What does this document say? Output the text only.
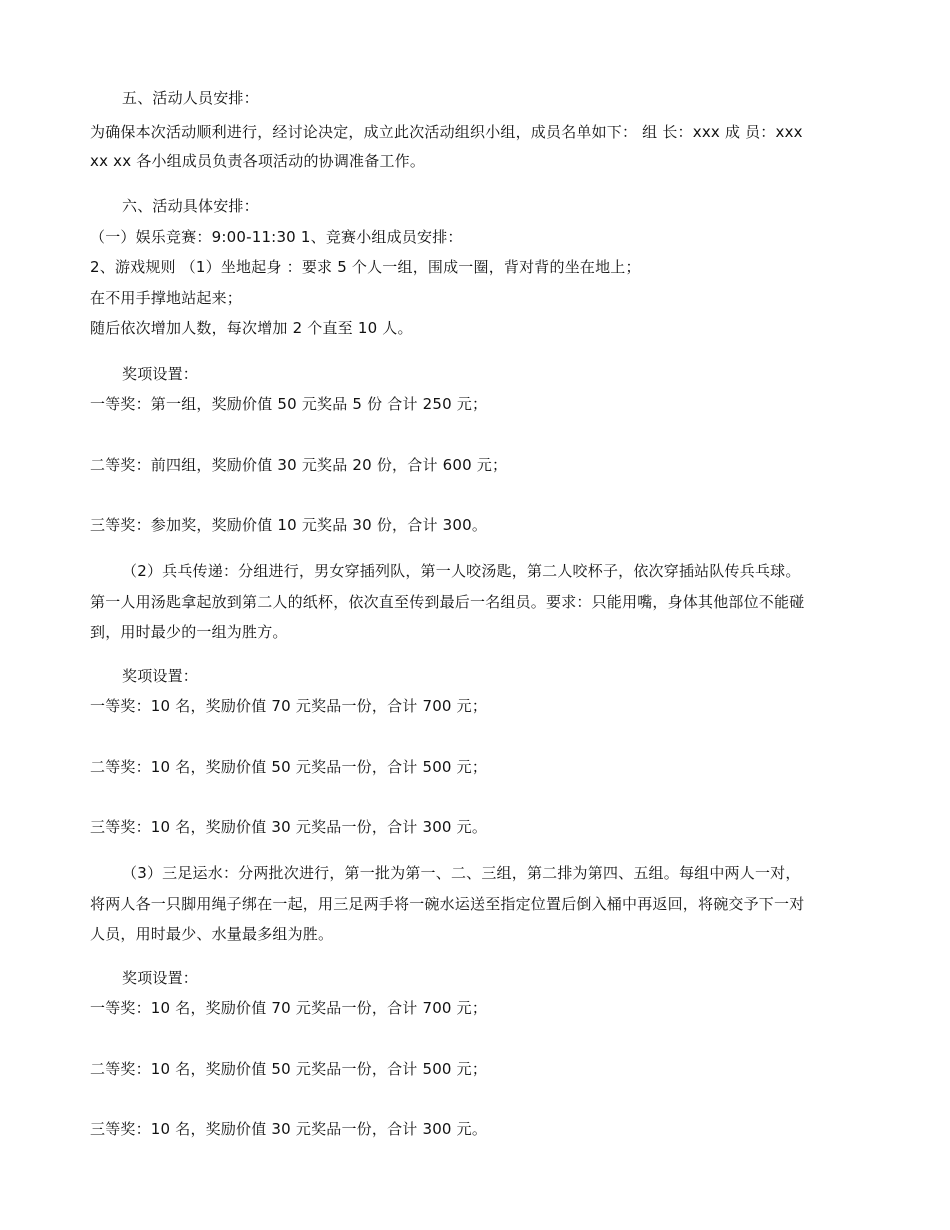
五、活动人员安排：
为确保本次活动顺利进行，经讨论决定，成立此次活动组织小组，成员名单如下： 组 长：xxx 成 员：xxx
xx xx 各小组成员负责各项活动的协调准备工作。
六、活动具体安排：
（一）娱乐竞赛：9:00-11:30 1、竞赛小组成员安排：
2、游戏规则 （1）坐地起身 ：要求 5 个人一组，围成一圈，背对背的坐在地上；
在不用手撑地站起来；
随后依次增加人数，每次增加 2 个直至 10 人。
奖项设置：
一等奖：第一组，奖励价值 50 元奖品 5 份 合计 250 元；
二等奖：前四组，奖励价值 30 元奖品 20 份，合计 600 元；
三等奖：参加奖，奖励价值 10 元奖品 30 份，合计 300。
（2）兵乓传递：分组进行，男女穿插列队，第一人咬汤匙，第二人咬杯子，依次穿插站队传兵乓球。
第一人用汤匙拿起放到第二人的纸杯，依次直至传到最后一名组员。要求：只能用嘴，身体其他部位不能碰
到，用时最少的一组为胜方。
奖项设置：
一等奖：10 名，奖励价值 70 元奖品一份，合计 700 元；
二等奖：10 名，奖励价值 50 元奖品一份，合计 500 元；
三等奖：10 名，奖励价值 30 元奖品一份，合计 300 元。
（3）三足运水：分两批次进行，第一批为第一、二、三组，第二排为第四、五组。每组中两人一对，
将两人各一只脚用绳子绑在一起，用三足两手将一碗水运送至指定位置后倒入桶中再返回，将碗交予下一对
人员，用时最少、水量最多组为胜。
奖项设置：
一等奖：10 名，奖励价值 70 元奖品一份，合计 700 元；
二等奖：10 名，奖励价值 50 元奖品一份，合计 500 元；
三等奖：10 名，奖励价值 30 元奖品一份，合计 300 元。
